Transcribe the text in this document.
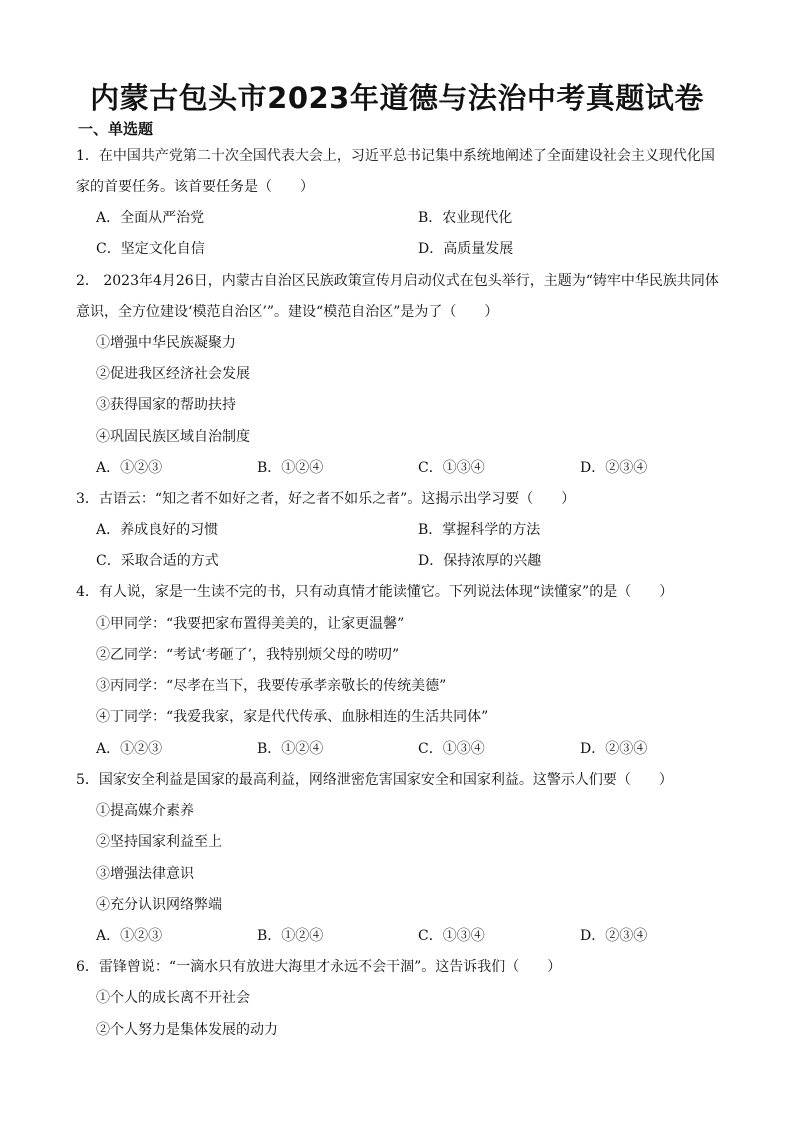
内蒙古包头市2023年道德与法治中考真题试卷
一、单选题
1．在中国共产党第二十次全国代表大会上，习近平总书记集中系统地阐述了全面建设社会主义现代化国
家的首要任务。该首要任务是（　　）
A．全面从严治党	B．农业现代化
C．坚定文化自信	D．高质量发展
2． 2023年4月26日，内蒙古自治区民族政策宣传月启动仪式在包头举行，主题为“铸牢中华民族共同体
意识，全方位建设‘模范自治区’”。建设“模范自治区”是为了（　　）
①增强中华民族凝聚力
②促进我区经济社会发展
③获得国家的帮助扶持
④巩固民族区域自治制度
A．①②③	B．①②④	C．①③④	D．②③④
3．古语云：“知之者不如好之者，好之者不如乐之者”。这揭示出学习要（　　）
A．养成良好的习惯	B．掌握科学的方法
C．采取合适的方式	D．保持浓厚的兴趣
4．有人说，家是一生读不完的书，只有动真情才能读懂它。下列说法体现“读懂家”的是（　　）
①甲同学：“我要把家布置得美美的，让家更温馨”
②乙同学：“考试‘考砸了’，我特别烦父母的唠叨”
③丙同学：“尽孝在当下，我要传承孝亲敬长的传统美德”
④丁同学：“我爱我家，家是代代传承、血脉相连的生活共同体”
A．①②③	B．①②④	C．①③④	D．②③④
5．国家安全利益是国家的最高利益，网络泄密危害国家安全和国家利益。这警示人们要（　　）
①提高媒介素养
②坚持国家利益至上
③增强法律意识
④充分认识网络弊端
A．①②③	B．①②④	C．①③④	D．②③④
6．雷锋曾说：“一滴水只有放进大海里才永远不会干涸”。这告诉我们（　　）
①个人的成长离不开社会
②个人努力是集体发展的动力
